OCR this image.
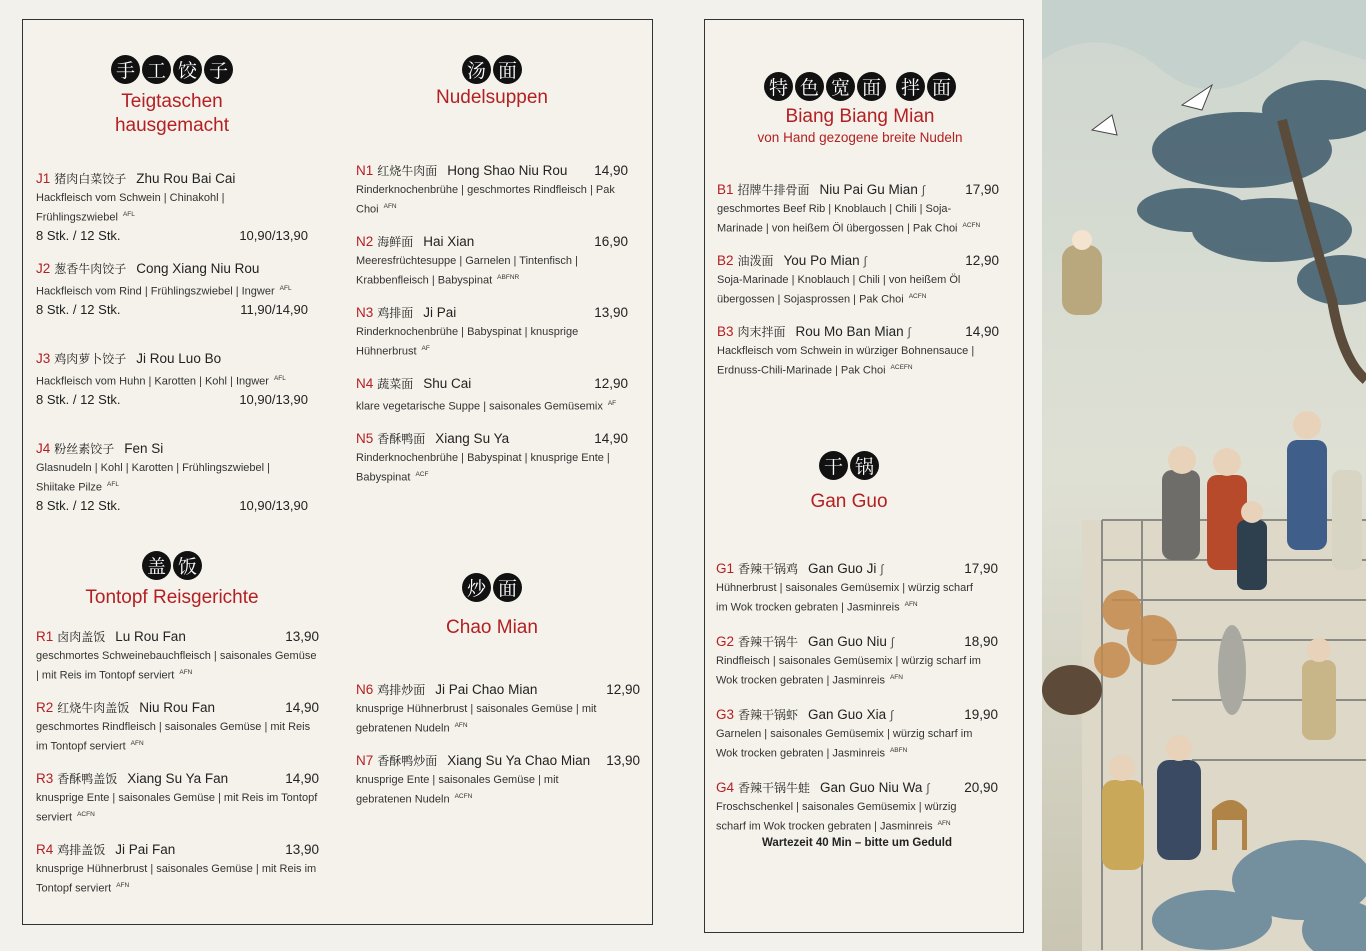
手 工 饺 子
Teigtaschen
hausgemacht
J1 猪肉白菜饺子 Zhu Rou Bai Cai
Hackfleisch vom Schwein | Chinakohl | Frühlingszwiebel $^{AFL}$
8 Stk. / 12 Stk.	10,90/13,90
J2 葱香牛肉饺子 Cong Xiang Niu Rou
Hackfleisch vom Rind | Frühlingszwiebel | Ingwer $^{AFL}$
8 Stk. / 12 Stk.	11,90/14,90
J3 鸡肉萝卜饺子 Ji Rou Luo Bo
Hackfleisch vom Huhn | Karotten | Kohl | Ingwer $^{AFL}$
8 Stk. / 12 Stk.	10,90/13,90
J4 粉丝素饺子 Fen Si
Glasnudeln | Kohl | Karotten | Frühlingszwiebel | Shiitake Pilze $^{AFL}$
8 Stk. / 12 Stk.	10,90/13,90
盖 饭
Tontopf Reisgerichte
R1 卤肉盖饭 Lu Rou Fan	13,90
geschmortes Schweinebauchfleisch | saisonales Gemüse | mit Reis im Tontopf serviert $^{AFN}$
R2 红烧牛肉盖饭 Niu Rou Fan	14,90
geschmortes Rindfleisch | saisonales Gemüse | mit Reis im Tontopf serviert $^{AFN}$
R3 香酥鸭盖饭 Xiang Su Ya Fan	14,90
knusprige Ente | saisonales Gemüse | mit Reis im Tontopf serviert $^{ACFN}$
R4 鸡排盖饭 Ji Pai Fan	13,90
knusprige Hühnerbrust | saisonales Gemüse | mit Reis im Tontopf serviert $^{AFN}$
汤 面
Nudelsuppen
N1 红烧牛肉面 Hong Shao Niu Rou	14,90
Rinderknochenbrühe | geschmortes Rindfleisch | Pak Choi $^{AFN}$
N2 海鲜面 Hai Xian	16,90
Meeresfrüchtesuppe | Garnelen | Tintenfisch | Krabbenfleisch | Babyspinat $^{ABFNR}$
N3 鸡排面 Ji Pai	13,90
Rinderknochenbrühe | Babyspinat | knusprige Hühnerbrust $^{AF}$
N4 蔬菜面 Shu Cai	12,90
klare vegetarische Suppe | saisonales Gemüsemix $^{AF}$
N5 香酥鸭面 Xiang Su Ya	14,90
Rinderknochenbrühe | Babyspinat | knusprige Ente | Babyspinat $^{ACF}$
炒 面
Chao Mian
N6 鸡排炒面 Ji Pai Chao Mian	12,90
knusprige Hühnerbrust | saisonales Gemüse | mit gebratenen Nudeln $^{AFN}$
N7 香酥鸭炒面 Xiang Su Ya Chao Mian	13,90
knusprige Ente | saisonales Gemüse | mit gebratenen Nudeln $^{ACFN}$
特 色 宽 面 拌 面
Biang Biang Mian
von Hand gezogene breite Nudeln
B1 招牌牛排骨面 Niu Pai Gu Mian ∫	17,90
geschmortes Beef Rib | Knoblauch | Chili | Soja-Marinade | von heißem Öl übergossen | Pak Choi $^{ACFN}$
B2 油泼面 You Po Mian ∫	12,90
Soja-Marinade | Knoblauch | Chili | von heißem Öl übergossen | Sojasprossen | Pak Choi $^{ACFN}$
B3 肉末拌面 Rou Mo Ban Mian ∫	14,90
Hackfleisch vom Schwein in würziger Bohnensauce | Erdnuss-Chili-Marinade | Pak Choi $^{ACEFN}$
干 锅
Gan Guo
G1 香辣干锅鸡 Gan Guo Ji ∫	17,90
Hühnerbrust | saisonales Gemüsemix | würzig scharf im Wok trocken gebraten | Jasminreis $^{AFN}$
G2 香辣干锅牛 Gan Guo Niu ∫	18,90
Rindfleisch | saisonales Gemüsemix | würzig scharf im Wok trocken gebraten | Jasminreis $^{AFN}$
G3 香辣干锅虾 Gan Guo Xia ∫	19,90
Garnelen | saisonales Gemüsemix | würzig scharf im Wok trocken gebraten | Jasminreis $^{ABFN}$
G4 香辣干锅牛蛙 Gan Guo Niu Wa ∫	20,90
Froschschenkel | saisonales Gemüsemix | würzig scharf im Wok trocken gebraten | Jasminreis $^{AFN}$
Wartezeit 40 Min – bitte um Geduld
